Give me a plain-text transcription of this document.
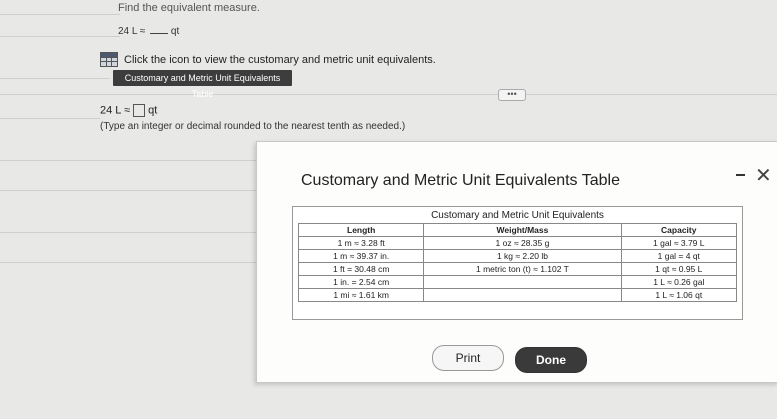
Find the equivalent measure.
24 L ≈	qt
Click the icon to view the customary and metric unit equivalents.
Customary and Metric Unit Equivalents Table	•••
24 L ≈ qt
(Type an integer or decimal rounded to the nearest tenth as needed.)
Customary and Metric Unit Equivalents Table	✕
Customary and Metric Unit Equivalents
Length	Weight/Mass	Capacity
1 m ≈ 3.28 ft	1 oz ≈ 28.35 g	1 gal ≈ 3.79 L
1 m ≈ 39.37 in.	1 kg ≈ 2.20 lb	1 gal = 4 qt
1 ft = 30.48 cm	1 metric ton (t) ≈ 1.102 T	1 qt ≈ 0.95 L
1 in. = 2.54 cm		1 L ≈ 0.26 gal
1 mi ≈ 1.61 km		1 L ≈ 1.06 qt
Print	Done
